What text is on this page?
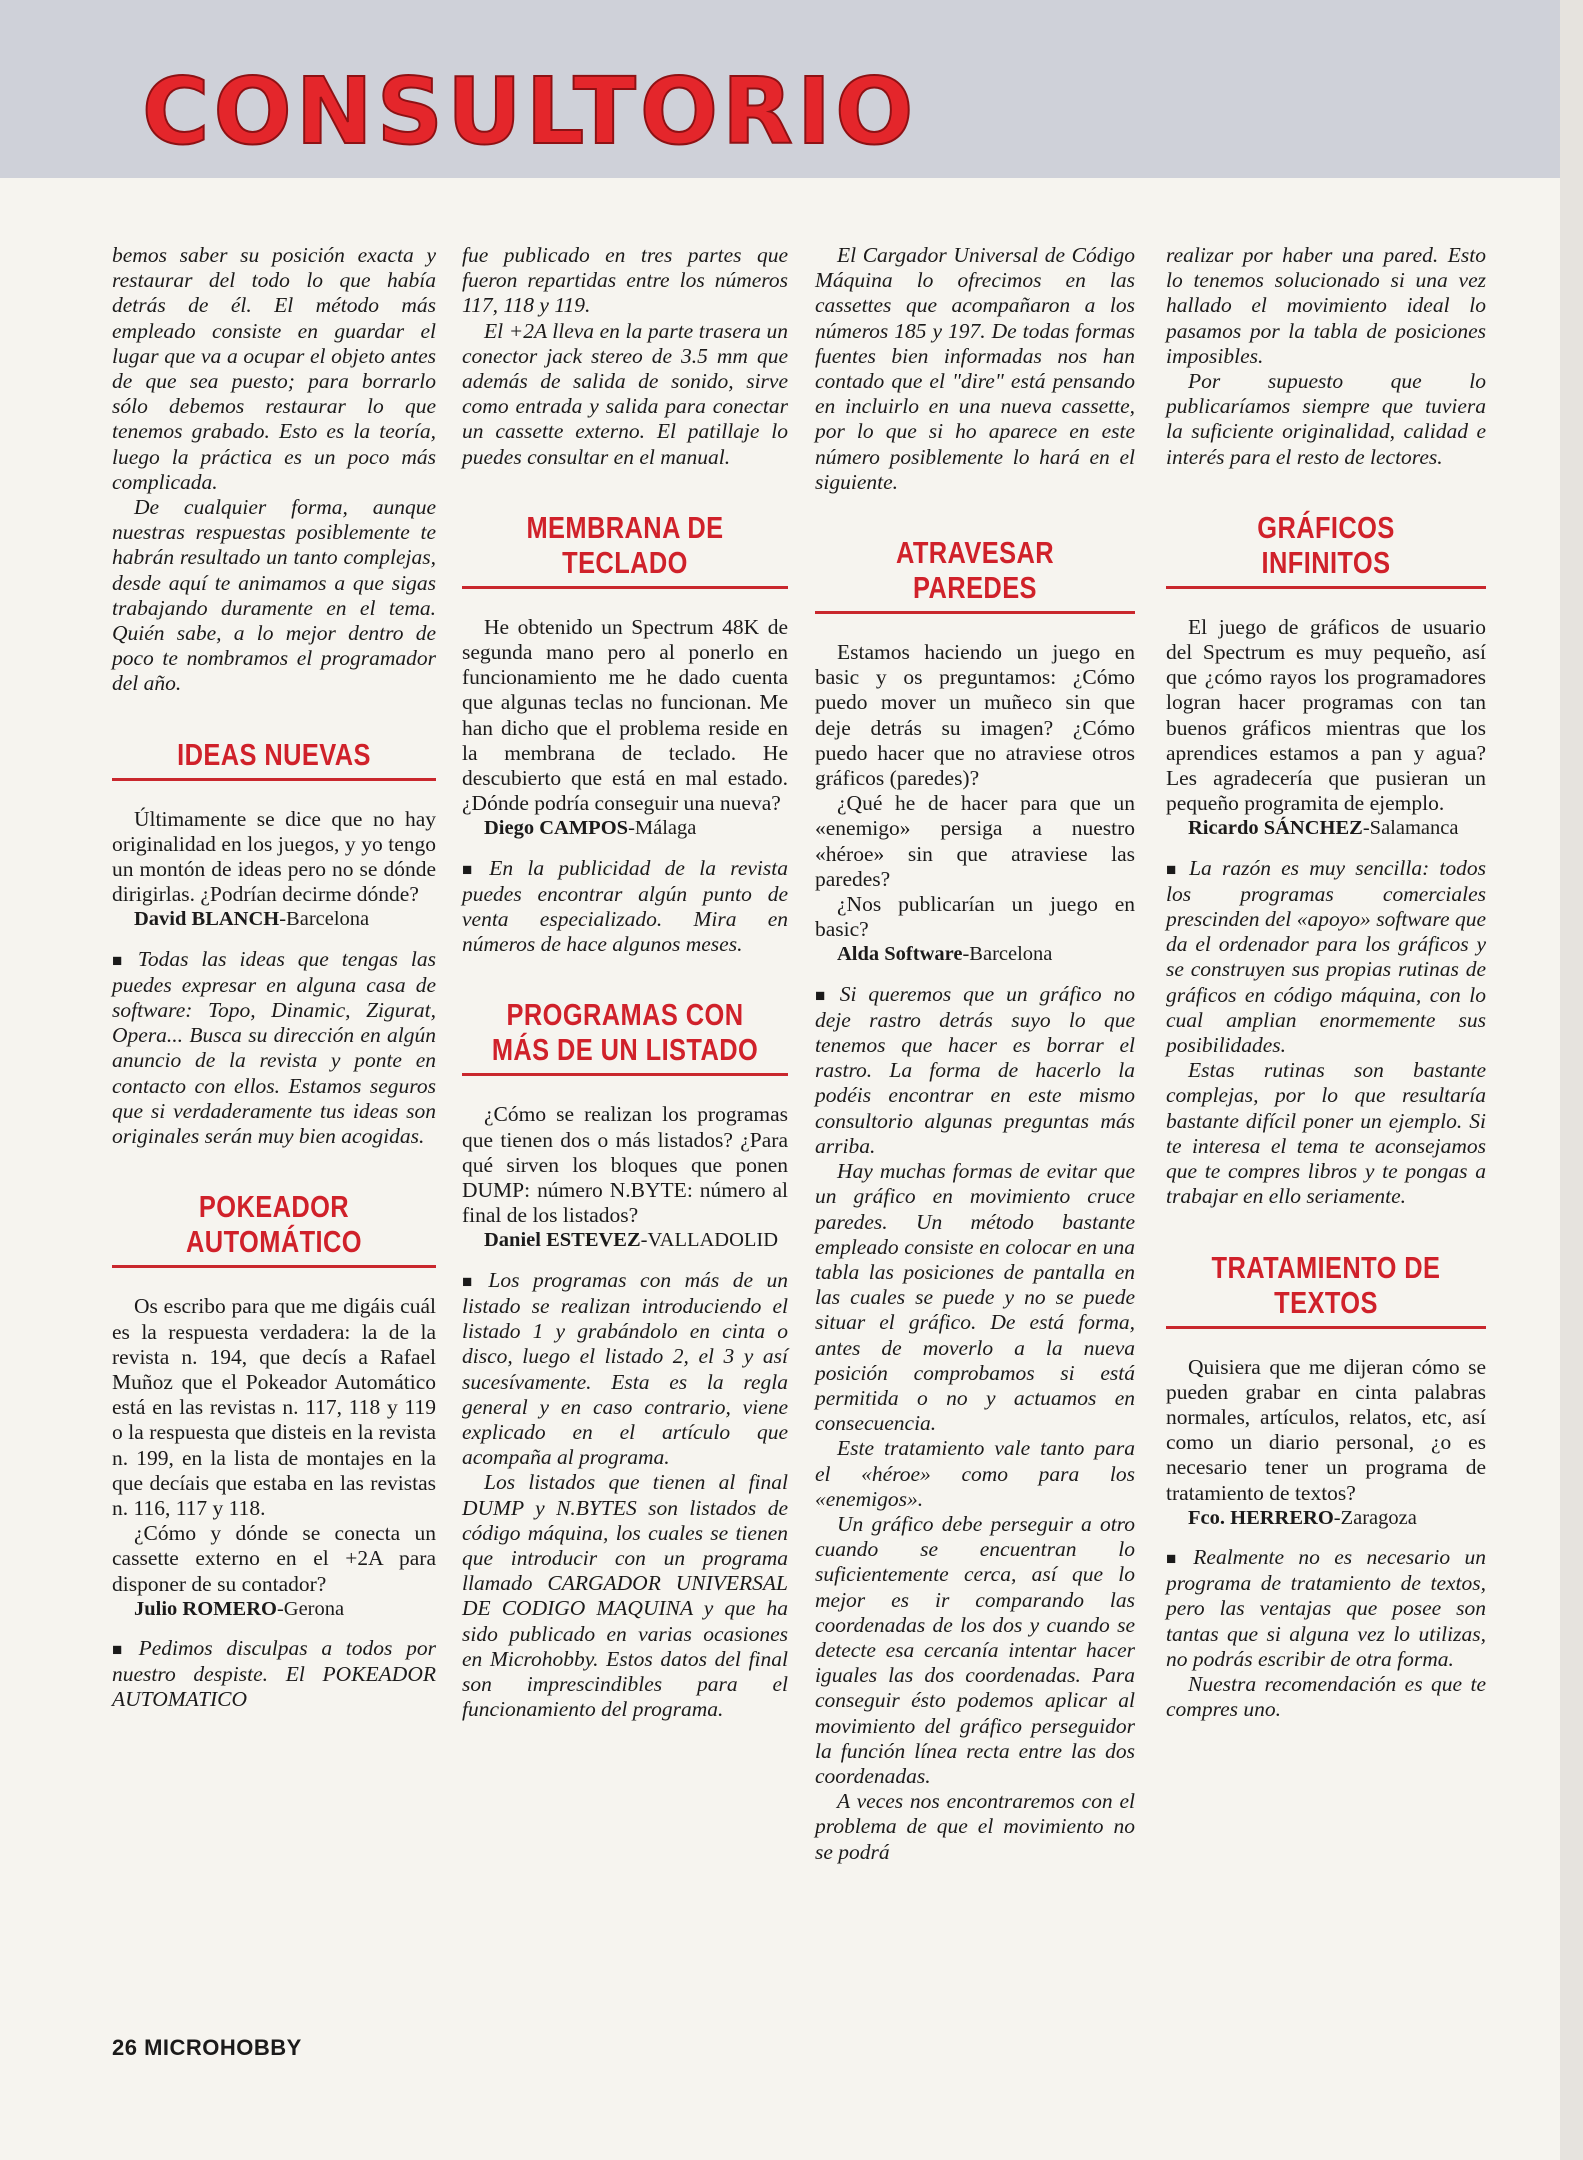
CONSULTORIO

bemos saber su posición exacta y restaurar del todo lo que había detrás de él. El método más empleado consiste en guardar el lugar que va a ocupar el objeto antes de que sea puesto; para borrarlo sólo debemos restaurar lo que tenemos grabado. Esto es la teoría, luego la práctica es un poco más complicada.

De cualquier forma, aunque nuestras respuestas posiblemente te habrán resultado un tanto complejas, desde aquí te animamos a que sigas trabajando duramente en el tema. Quién sabe, a lo mejor dentro de poco te nombramos el programador del año.

IDEAS NUEVAS

Últimamente se dice que no hay originalidad en los juegos, y yo tengo un montón de ideas pero no se dónde dirigirlas. ¿Podrían decirme dónde?

David BLANCH-Barcelona

■ Todas las ideas que tengas las puedes expresar en alguna casa de software: Topo, Dinamic, Zigurat, Opera... Busca su dirección en algún anuncio de la revista y ponte en contacto con ellos. Estamos seguros que si verdaderamente tus ideas son originales serán muy bien acogidas.

POKEADOR AUTOMÁTICO

Os escribo para que me digáis cuál es la respuesta verdadera: la de la revista n. 194, que decís a Rafael Muñoz que el Pokeador Automático está en las revistas n. 117, 118 y 119 o la respuesta que disteis en la revista n. 199, en la lista de montajes en la que decíais que estaba en las revistas n. 116, 117 y 118.

¿Cómo y dónde se conecta un cassette externo en el +2A para disponer de su contador?

Julio ROMERO-Gerona

■ Pedimos disculpas a todos por nuestro despiste. El POKEADOR AUTOMATICO

fue publicado en tres partes que fueron repartidas entre los números 117, 118 y 119.

El +2A lleva en la parte trasera un conector jack stereo de 3.5 mm que además de salida de sonido, sirve como entrada y salida para conectar un cassette externo. El patillaje lo puedes consultar en el manual.

MEMBRANA DE TECLADO

He obtenido un Spectrum 48K de segunda mano pero al ponerlo en funcionamiento me he dado cuenta que algunas teclas no funcionan. Me han dicho que el problema reside en la membrana de teclado. He descubierto que está en mal estado. ¿Dónde podría conseguir una nueva?

Diego CAMPOS-Málaga

■ En la publicidad de la revista puedes encontrar algún punto de venta especializado. Mira en números de hace algunos meses.

PROGRAMAS CON MÁS DE UN LISTADO

¿Cómo se realizan los programas que tienen dos o más listados? ¿Para qué sirven los bloques que ponen DUMP: número N.BYTE: número al final de los listados?

Daniel ESTEVEZ-VALLADOLID

■ Los programas con más de un listado se realizan introduciendo el listado 1 y grabándolo en cinta o disco, luego el listado 2, el 3 y así sucesívamente. Esta es la regla general y en caso contrario, viene explicado en el artículo que acompaña al programa.

Los listados que tienen al final DUMP y N.BYTES son listados de código máquina, los cuales se tienen que introducir con un programa llamado CARGADOR UNIVERSAL DE CODIGO MAQUINA y que ha sido publicado en varias ocasiones en Microhobby. Estos datos del final son imprescindibles para el funcionamiento del programa.

El Cargador Universal de Código Máquina lo ofrecimos en las cassettes que acompañaron a los números 185 y 197. De todas formas fuentes bien informadas nos han contado que el "dire" está pensando en incluirlo en una nueva cassette, por lo que si ho aparece en este número posiblemente lo hará en el siguiente.

ATRAVESAR PAREDES

Estamos haciendo un juego en basic y os preguntamos: ¿Cómo puedo mover un muñeco sin que deje detrás su imagen? ¿Cómo puedo hacer que no atraviese otros gráficos (paredes)?

¿Qué he de hacer para que un «enemigo» persiga a nuestro «héroe» sin que atraviese las paredes?

¿Nos publicarían un juego en basic?

Alda Software-Barcelona

■ Si queremos que un gráfico no deje rastro detrás suyo lo que tenemos que hacer es borrar el rastro. La forma de hacerlo la podéis encontrar en este mismo consultorio algunas preguntas más arriba.

Hay muchas formas de evitar que un gráfico en movimiento cruce paredes. Un método bastante empleado consiste en colocar en una tabla las posiciones de pantalla en las cuales se puede y no se puede situar el gráfico. De está forma, antes de moverlo a la nueva posición comprobamos si está permitida o no y actuamos en consecuencia.

Este tratamiento vale tanto para el «héroe» como para los «enemigos».

Un gráfico debe perseguir a otro cuando se encuentran lo suficientemente cerca, así que lo mejor es ir comparando las coordenadas de los dos y cuando se detecte esa cercanía intentar hacer iguales las dos coordenadas. Para conseguir ésto podemos aplicar al movimiento del gráfico perseguidor la función línea recta entre las dos coordenadas.

A veces nos encontraremos con el problema de que el movimiento no se podrá

realizar por haber una pared. Esto lo tenemos solucionado si una vez hallado el movimiento ideal lo pasamos por la tabla de posiciones imposibles.

Por supuesto que lo publicaríamos siempre que tuviera la suficiente originalidad, calidad e interés para el resto de lectores.

GRÁFICOS INFINITOS

El juego de gráficos de usuario del Spectrum es muy pequeño, así que ¿cómo rayos los programadores logran hacer programas con tan buenos gráficos mientras que los aprendices estamos a pan y agua? Les agradecería que pusieran un pequeño programita de ejemplo.

Ricardo SÁNCHEZ-Salamanca

■ La razón es muy sencilla: todos los programas comerciales prescinden del «apoyo» software que da el ordenador para los gráficos y se construyen sus propias rutinas de gráficos en código máquina, con lo cual amplian enormemente sus posibilidades.

Estas rutinas son bastante complejas, por lo que resultaría bastante difícil poner un ejemplo. Si te interesa el tema te aconsejamos que te compres libros y te pongas a trabajar en ello seriamente.

TRATAMIENTO DE TEXTOS

Quisiera que me dijeran cómo se pueden grabar en cinta palabras normales, artículos, relatos, etc, así como un diario personal, ¿o es necesario tener un programa de tratamiento de textos?

Fco. HERRERO-Zaragoza

■ Realmente no es necesario un programa de tratamiento de textos, pero las ventajas que posee son tantas que si alguna vez lo utilizas, no podrás escribir de otra forma.

Nuestra recomendación es que te compres uno.

26 MICROHOBBY
